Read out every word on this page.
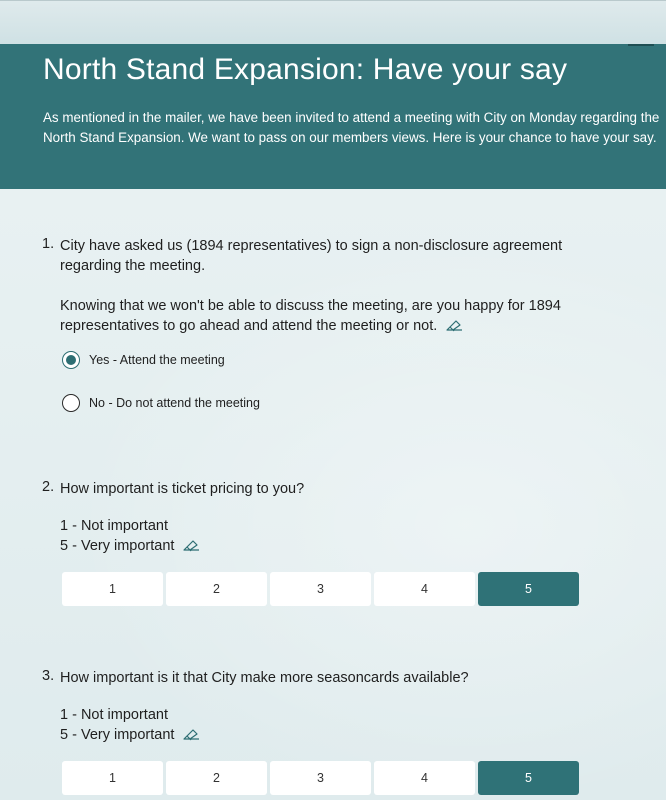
North Stand Expansion: Have your say

As mentioned in the mailer, we have been invited to attend a meeting with City on Monday regarding the North Stand Expansion. We want to pass on our members views. Here is your chance to have your say.

1. City have asked us (1894 representatives) to sign a non-disclosure agreement regarding the meeting.
Knowing that we won't be able to discuss the meeting, are you happy for 1894 representatives to go ahead and attend the meeting or not.
Yes - Attend the meeting
No - Do not attend the meeting
2. How important is ticket pricing to you?
1 - Not important
5 - Very important
1	2	3	4	5
3. How important is it that City make more seasoncards available?
1 - Not important
5 - Very important
1	2	3	4	5
